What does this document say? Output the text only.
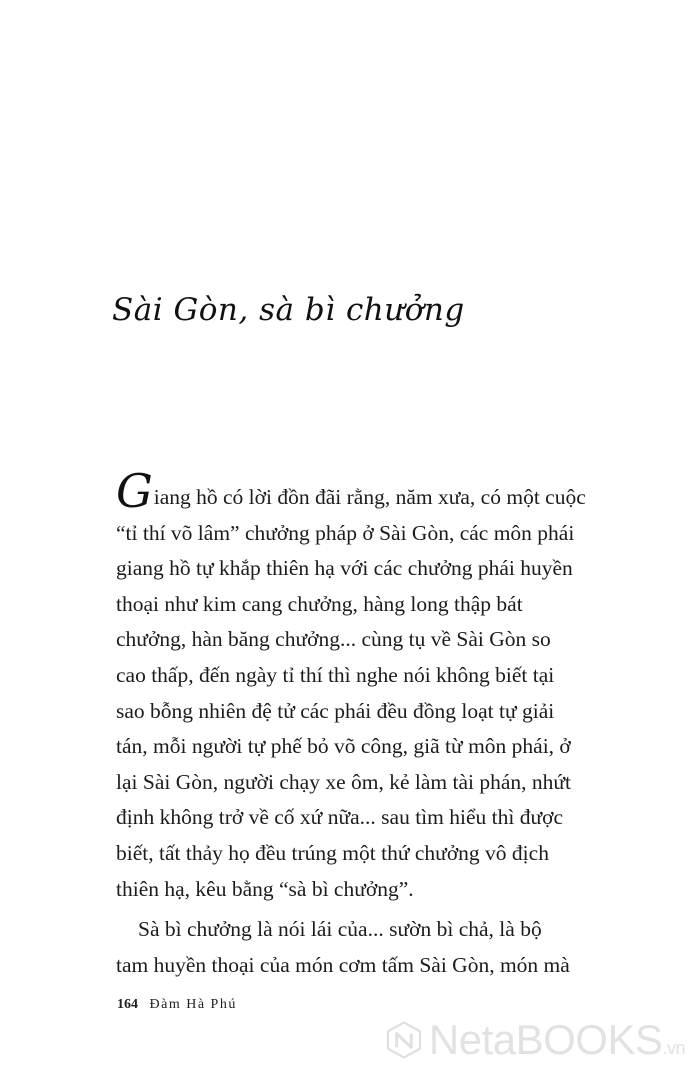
Sài Gòn, sà bì chưởng

Giang hồ có lời đồn đãi rằng, năm xưa, có một cuộc
“tỉ thí võ lâm” chưởng pháp ở Sài Gòn, các môn phái
giang hồ tự khắp thiên hạ với các chưởng phái huyền
thoại như kim cang chưởng, hàng long thập bát
chưởng, hàn băng chưởng... cùng tụ về Sài Gòn so
cao thấp, đến ngày tỉ thí thì nghe nói không biết tại
sao bỗng nhiên đệ tử các phái đều đồng loạt tự giải
tán, mỗi người tự phế bỏ võ công, giã từ môn phái, ở
lại Sài Gòn, người chạy xe ôm, kẻ làm tài phán, nhứt
định không trở về cố xứ nữa... sau tìm hiểu thì được
biết, tất thảy họ đều trúng một thứ chưởng vô địch
thiên hạ, kêu bằng “sà bì chưởng”.

Sà bì chưởng là nói lái của... sườn bì chả, là bộ
tam huyền thoại của món cơm tấm Sài Gòn, món mà

164 Đàm Hà Phú
NetaBOOKS.vn
